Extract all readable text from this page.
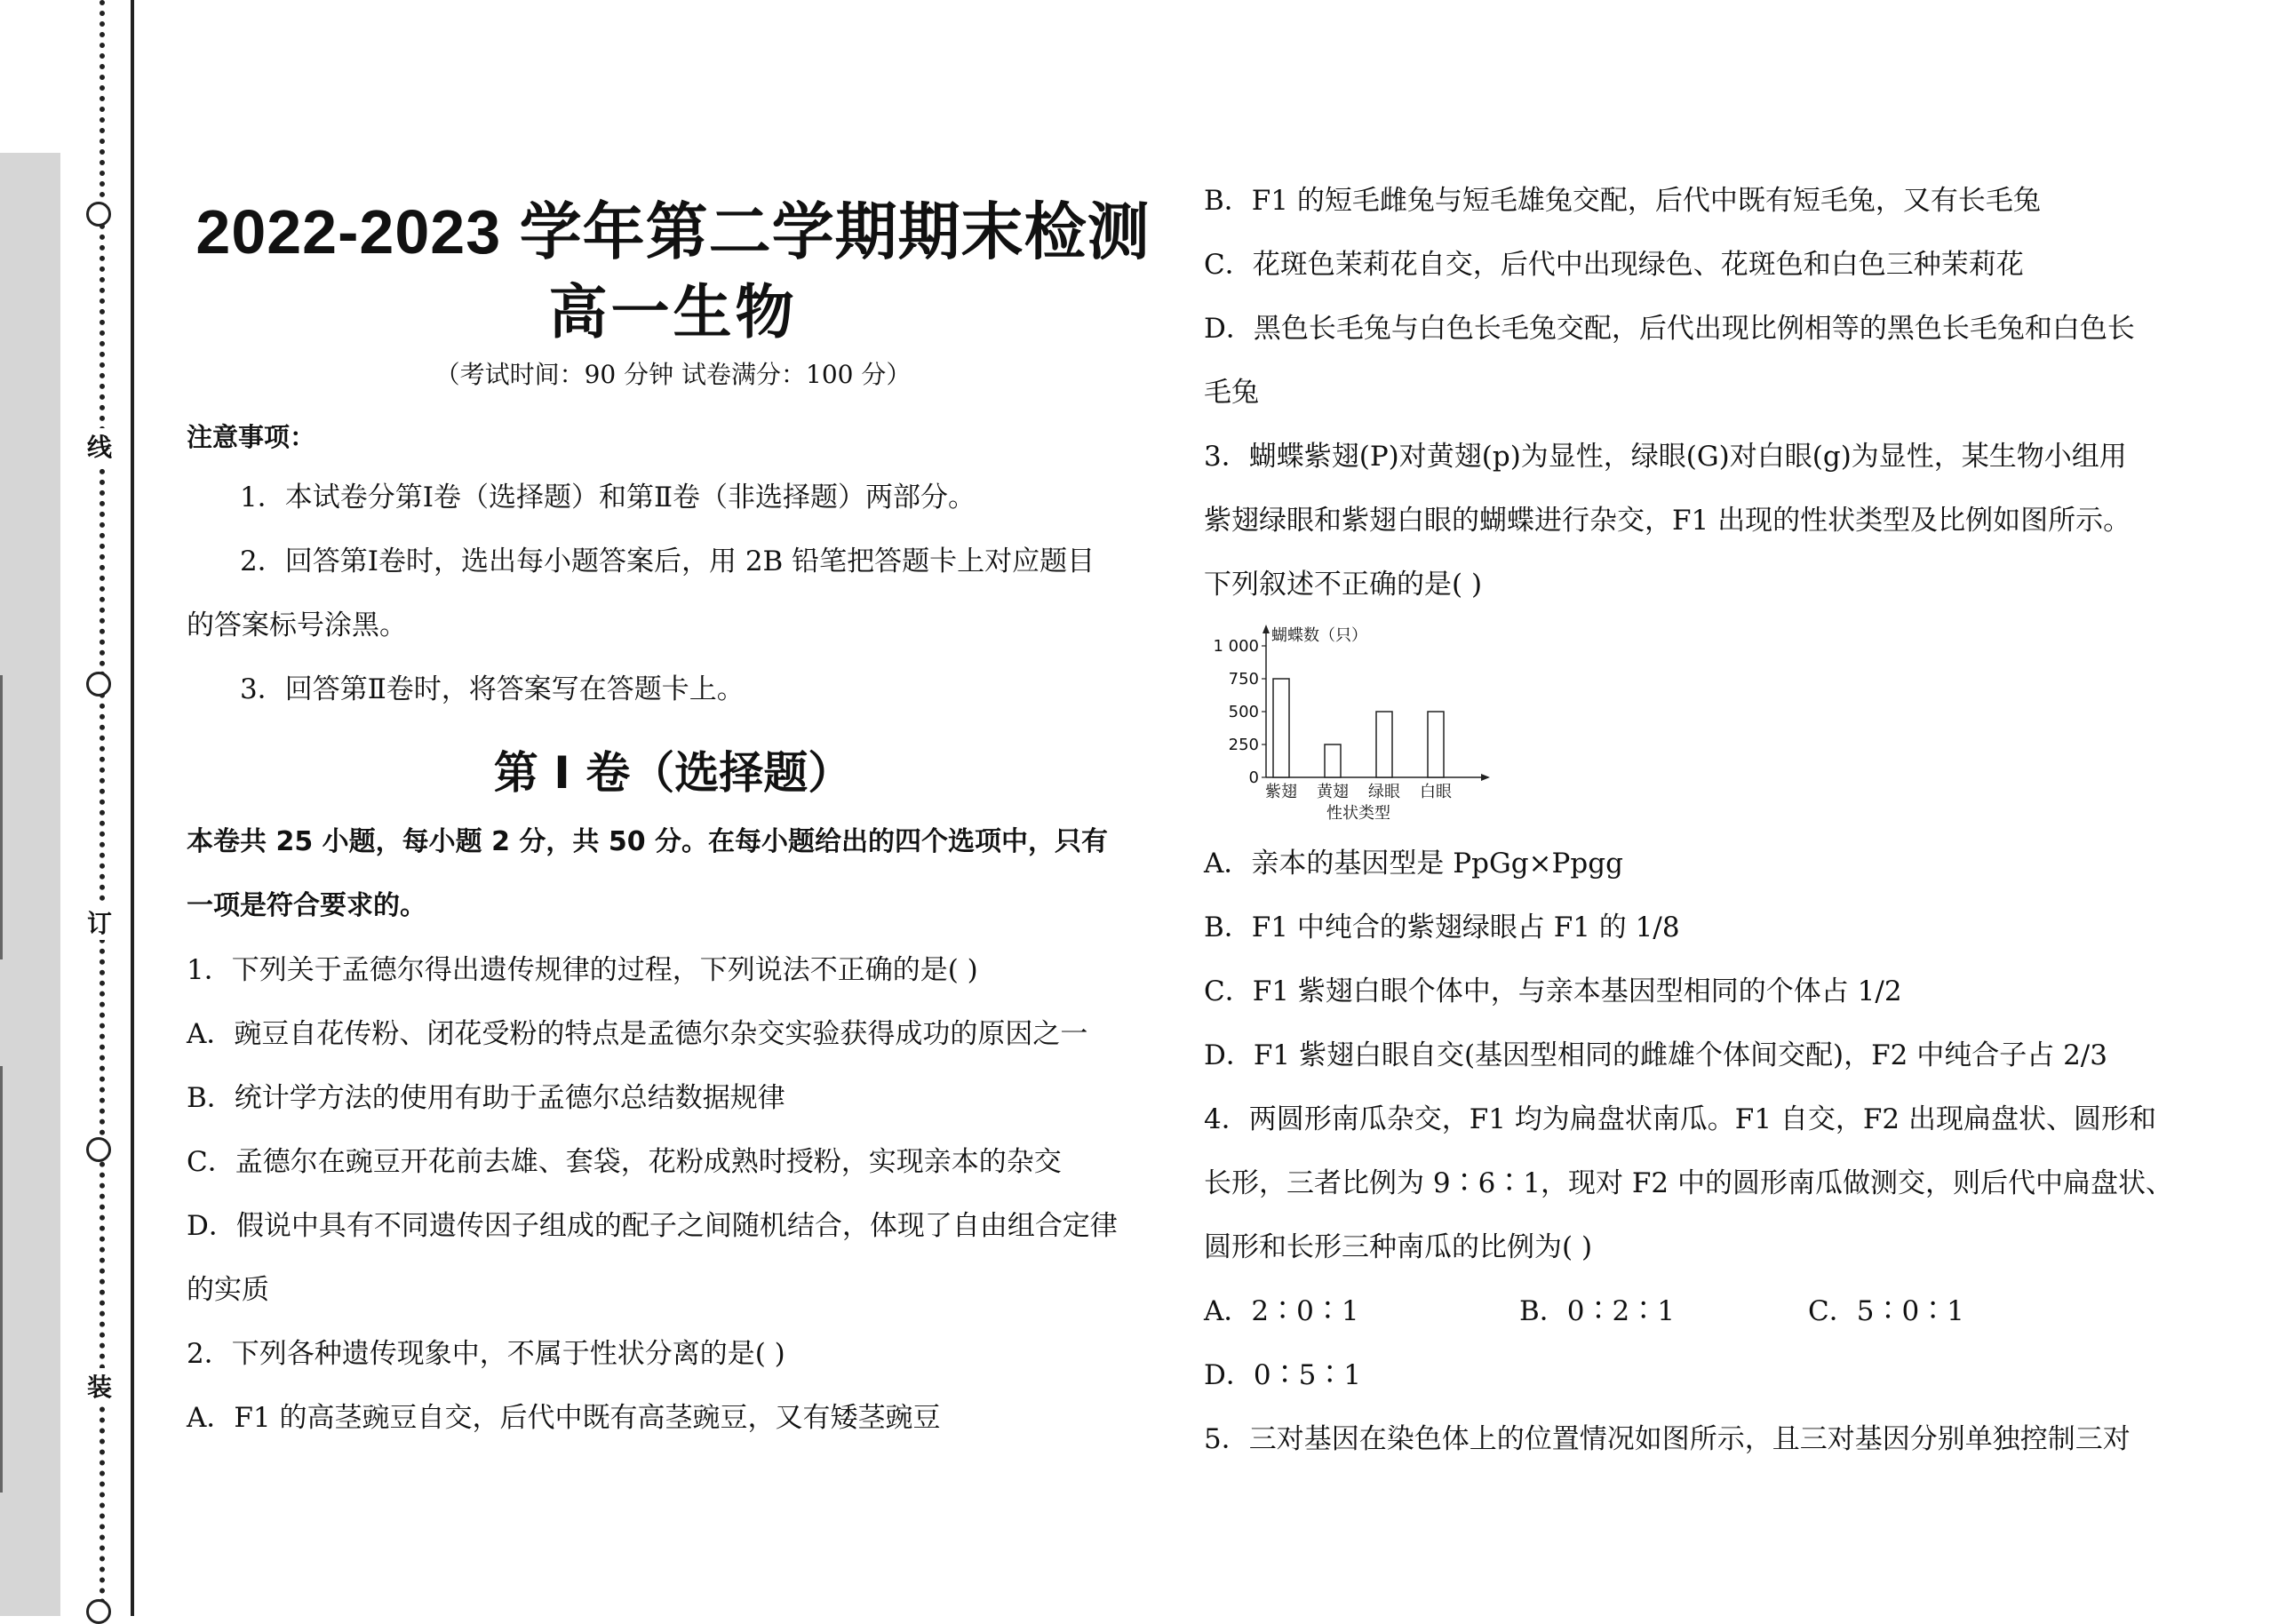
线
订
装
2022-2023 学年第二学期期末检测
高一生物
（考试时间：90 分钟 试卷满分：100 分）
注意事项：
1．本试卷分第Ⅰ卷（选择题）和第Ⅱ卷（非选择题）两部分。
2．回答第Ⅰ卷时，选出每小题答案后，用 2B 铅笔把答题卡上对应题目
的答案标号涂黑。
3．回答第Ⅱ卷时，将答案写在答题卡上。
第 I 卷（选择题）
本卷共 25 小题，每小题 2 分，共 50 分。在每小题给出的四个选项中，只有
一项是符合要求的。
1．下列关于孟德尔得出遗传规律的过程，下列说法不正确的是( )
A．豌豆自花传粉、闭花受粉的特点是孟德尔杂交实验获得成功的原因之一
B．统计学方法的使用有助于孟德尔总结数据规律
C．孟德尔在豌豆开花前去雄、套袋，花粉成熟时授粉，实现亲本的杂交
D．假说中具有不同遗传因子组成的配子之间随机结合，体现了自由组合定律
的实质
2．下列各种遗传现象中，不属于性状分离的是( )
A．F1 的高茎豌豆自交，后代中既有高茎豌豆，又有矮茎豌豆
B．F1 的短毛雌兔与短毛雄兔交配，后代中既有短毛兔，又有长毛兔
C．花斑色茉莉花自交，后代中出现绿色、花斑色和白色三种茉莉花
D．黑色长毛兔与白色长毛兔交配，后代出现比例相等的黑色长毛兔和白色长
毛兔
3．蝴蝶紫翅(P)对黄翅(p)为显性，绿眼(G)对白眼(g)为显性，某生物小组用
紫翅绿眼和紫翅白眼的蝴蝶进行杂交，F1 出现的性状类型及比例如图所示。
下列叙述不正确的是( )
A．亲本的基因型是 PpGg×Ppgg
B．F1 中纯合的紫翅绿眼占 F1 的 1/8
C．F1 紫翅白眼个体中，与亲本基因型相同的个体占 1/2
D．F1 紫翅白眼自交(基因型相同的雌雄个体间交配)，F2 中纯合子占 2/3
4．两圆形南瓜杂交，F1 均为扁盘状南瓜。F1 自交，F2 出现扁盘状、圆形和
长形，三者比例为 9∶6∶1，现对 F2 中的圆形南瓜做测交，则后代中扁盘状、
圆形和长形三种南瓜的比例为( )
A．2∶0∶1	B．0∶2∶1	C．5∶0∶1
D．0∶5∶1
5．三对基因在染色体上的位置情况如图所示，且三对基因分别单独控制三对
0
250
500
750
1 000
蝴蝶数（只）
紫翅 黄翅 绿眼 白眼
性状类型
